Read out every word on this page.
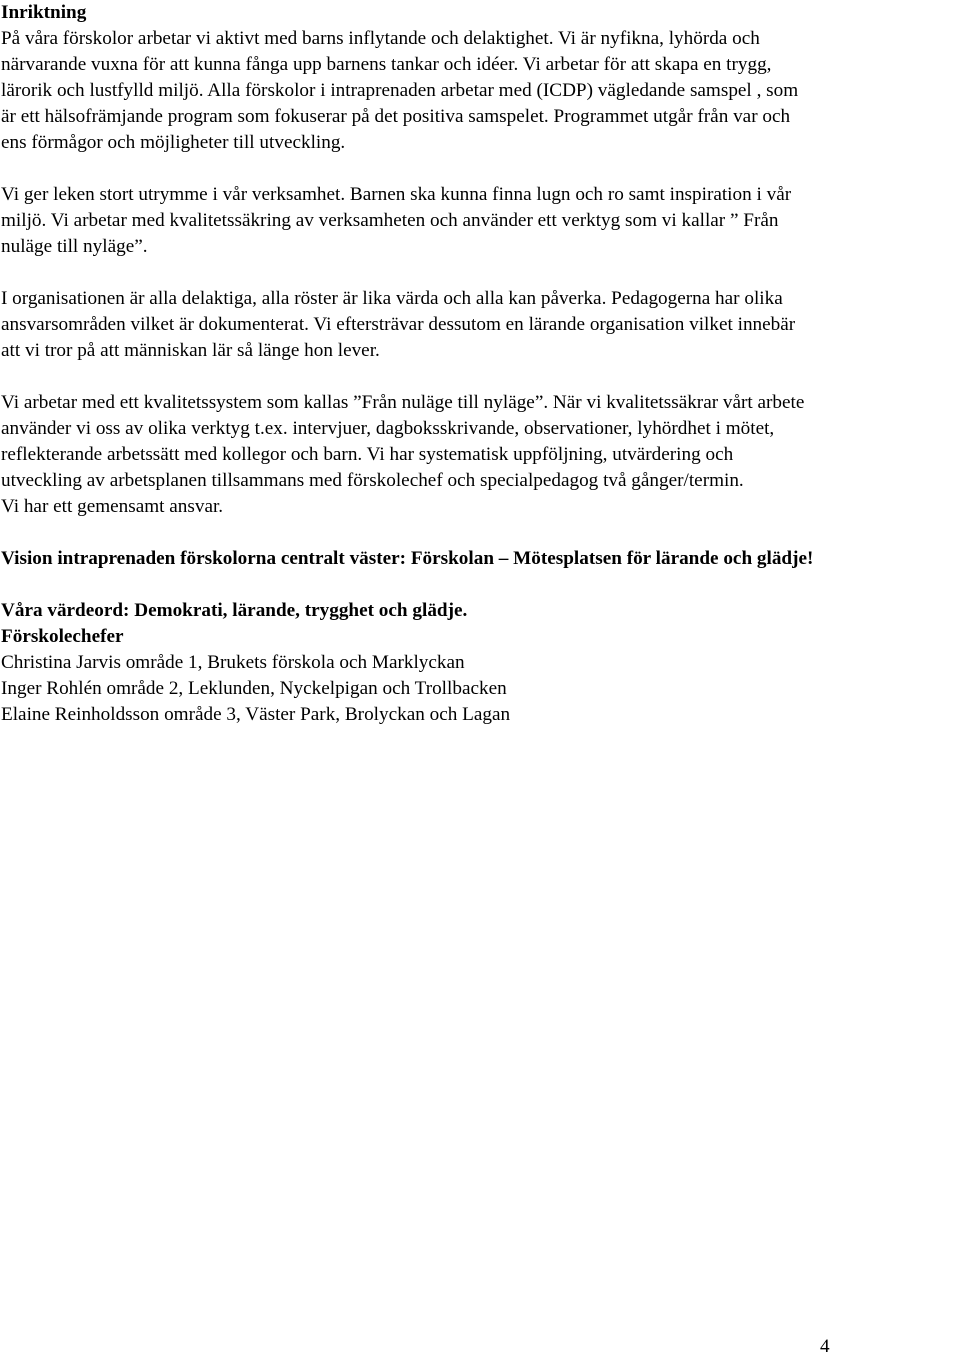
Inriktning

På våra förskolor arbetar vi aktivt med barns inflytande och delaktighet. Vi är nyfikna, lyhörda och

närvarande vuxna för att kunna fånga upp barnens tankar och idéer. Vi arbetar för att skapa en trygg,

lärorik och lustfylld miljö. Alla förskolor i intraprenaden arbetar med (ICDP) vägledande samspel , som

är ett hälsofrämjande program som fokuserar på det positiva samspelet. Programmet utgår från var och

ens förmågor och möjligheter till utveckling.

Vi ger leken stort utrymme i vår verksamhet. Barnen ska kunna finna lugn och ro samt inspiration i vår

miljö. Vi arbetar med kvalitetssäkring av verksamheten och använder ett verktyg som vi kallar ” Från

nuläge till nyläge”.

I organisationen är alla delaktiga, alla röster är lika värda och alla kan påverka. Pedagogerna har olika

ansvarsområden vilket är dokumenterat. Vi eftersträvar dessutom en lärande organisation vilket innebär

att vi tror på att människan lär så länge hon lever.

Vi arbetar med ett kvalitetssystem som kallas ”Från nuläge till nyläge”. När vi kvalitetssäkrar vårt arbete

använder vi oss av olika verktyg t.ex. intervjuer, dagboksskrivande, observationer, lyhördhet i mötet,

reflekterande arbetssätt med kollegor och barn. Vi har systematisk uppföljning, utvärdering och

utveckling av arbetsplanen tillsammans med förskolechef och specialpedagog två gånger/termin.

Vi har ett gemensamt ansvar.

Vision intraprenaden förskolorna centralt väster: Förskolan – Mötesplatsen för lärande och glädje!

Våra värdeord: Demokrati, lärande, trygghet och glädje.

Förskolechefer

Christina Jarvis område 1, Brukets förskola och Marklyckan

Inger Rohlén område 2, Leklunden, Nyckelpigan och Trollbacken

Elaine Reinholdsson område 3, Väster Park, Brolyckan och Lagan

4
